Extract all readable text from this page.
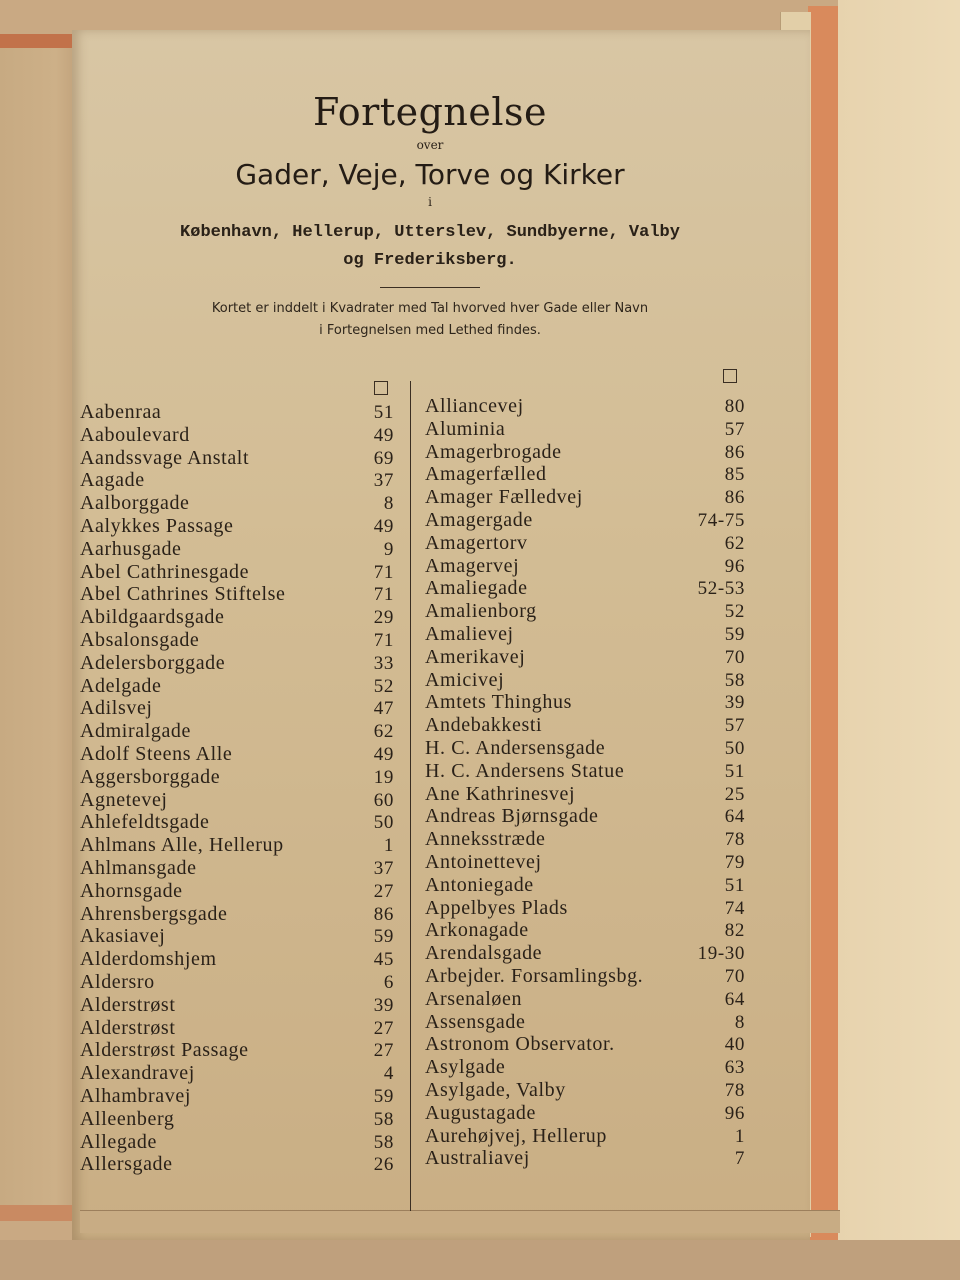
Fortegnelse
over
Gader, Veje, Torve og Kirker
i
København, Hellerup, Utterslev, Sundbyerne, Valby
og Frederiksberg.
Kortet er inddelt i Kvadrater med Tal hvorved hver Gade eller Navn
i Fortegnelsen med Lethed findes.
Aabenraa	51
Aaboulevard	49
Aandssvage Anstalt	69
Aagade	37
Aalborggade	8
Aalykkes Passage	49
Aarhusgade	9
Abel Cathrinesgade	71
Abel Cathrines Stiftelse	71
Abildgaardsgade	29
Absalonsgade	71
Adelersborggade	33
Adelgade	52
Adilsvej	47
Admiralgade	62
Adolf Steens Alle	49
Aggersborggade	19
Agnetevej	60
Ahlefeldtsgade	50
Ahlmans Alle, Hellerup	1
Ahlmansgade	37
Ahornsgade	27
Ahrensbergsgade	86
Akasiavej	59
Alderdomshjem	45
Aldersro	6
Alderstrøst	39
Alderstrøst	27
Alderstrøst Passage	27
Alexandravej	4
Alhambravej	59
Alleenberg	58
Allegade	58
Allersgade	26
Alliancevej	80
Aluminia	57
Amagerbrogade	86
Amagerfælled	85
Amager Fælledvej	86
Amagergade	74-75
Amagertorv	62
Amagervej	96
Amaliegade	52-53
Amalienborg	52
Amalievej	59
Amerikavej	70
Amicivej	58
Amtets Thinghus	39
Andebakkesti	57
H. C. Andersensgade	50
H. C. Andersens Statue	51
Ane Kathrinesvej	25
Andreas Bjørnsgade	64
Anneksstræde	78
Antoinettevej	79
Antoniegade	51
Appelbyes Plads	74
Arkonagade	82
Arendalsgade	19-30
Arbejder. Forsamlingsbg.	70
Arsenaløen	64
Assensgade	8
Astronom Observator.	40
Asylgade	63
Asylgade, Valby	78
Augustagade	96
Aurehøjvej, Hellerup	1
Australiavej	7
